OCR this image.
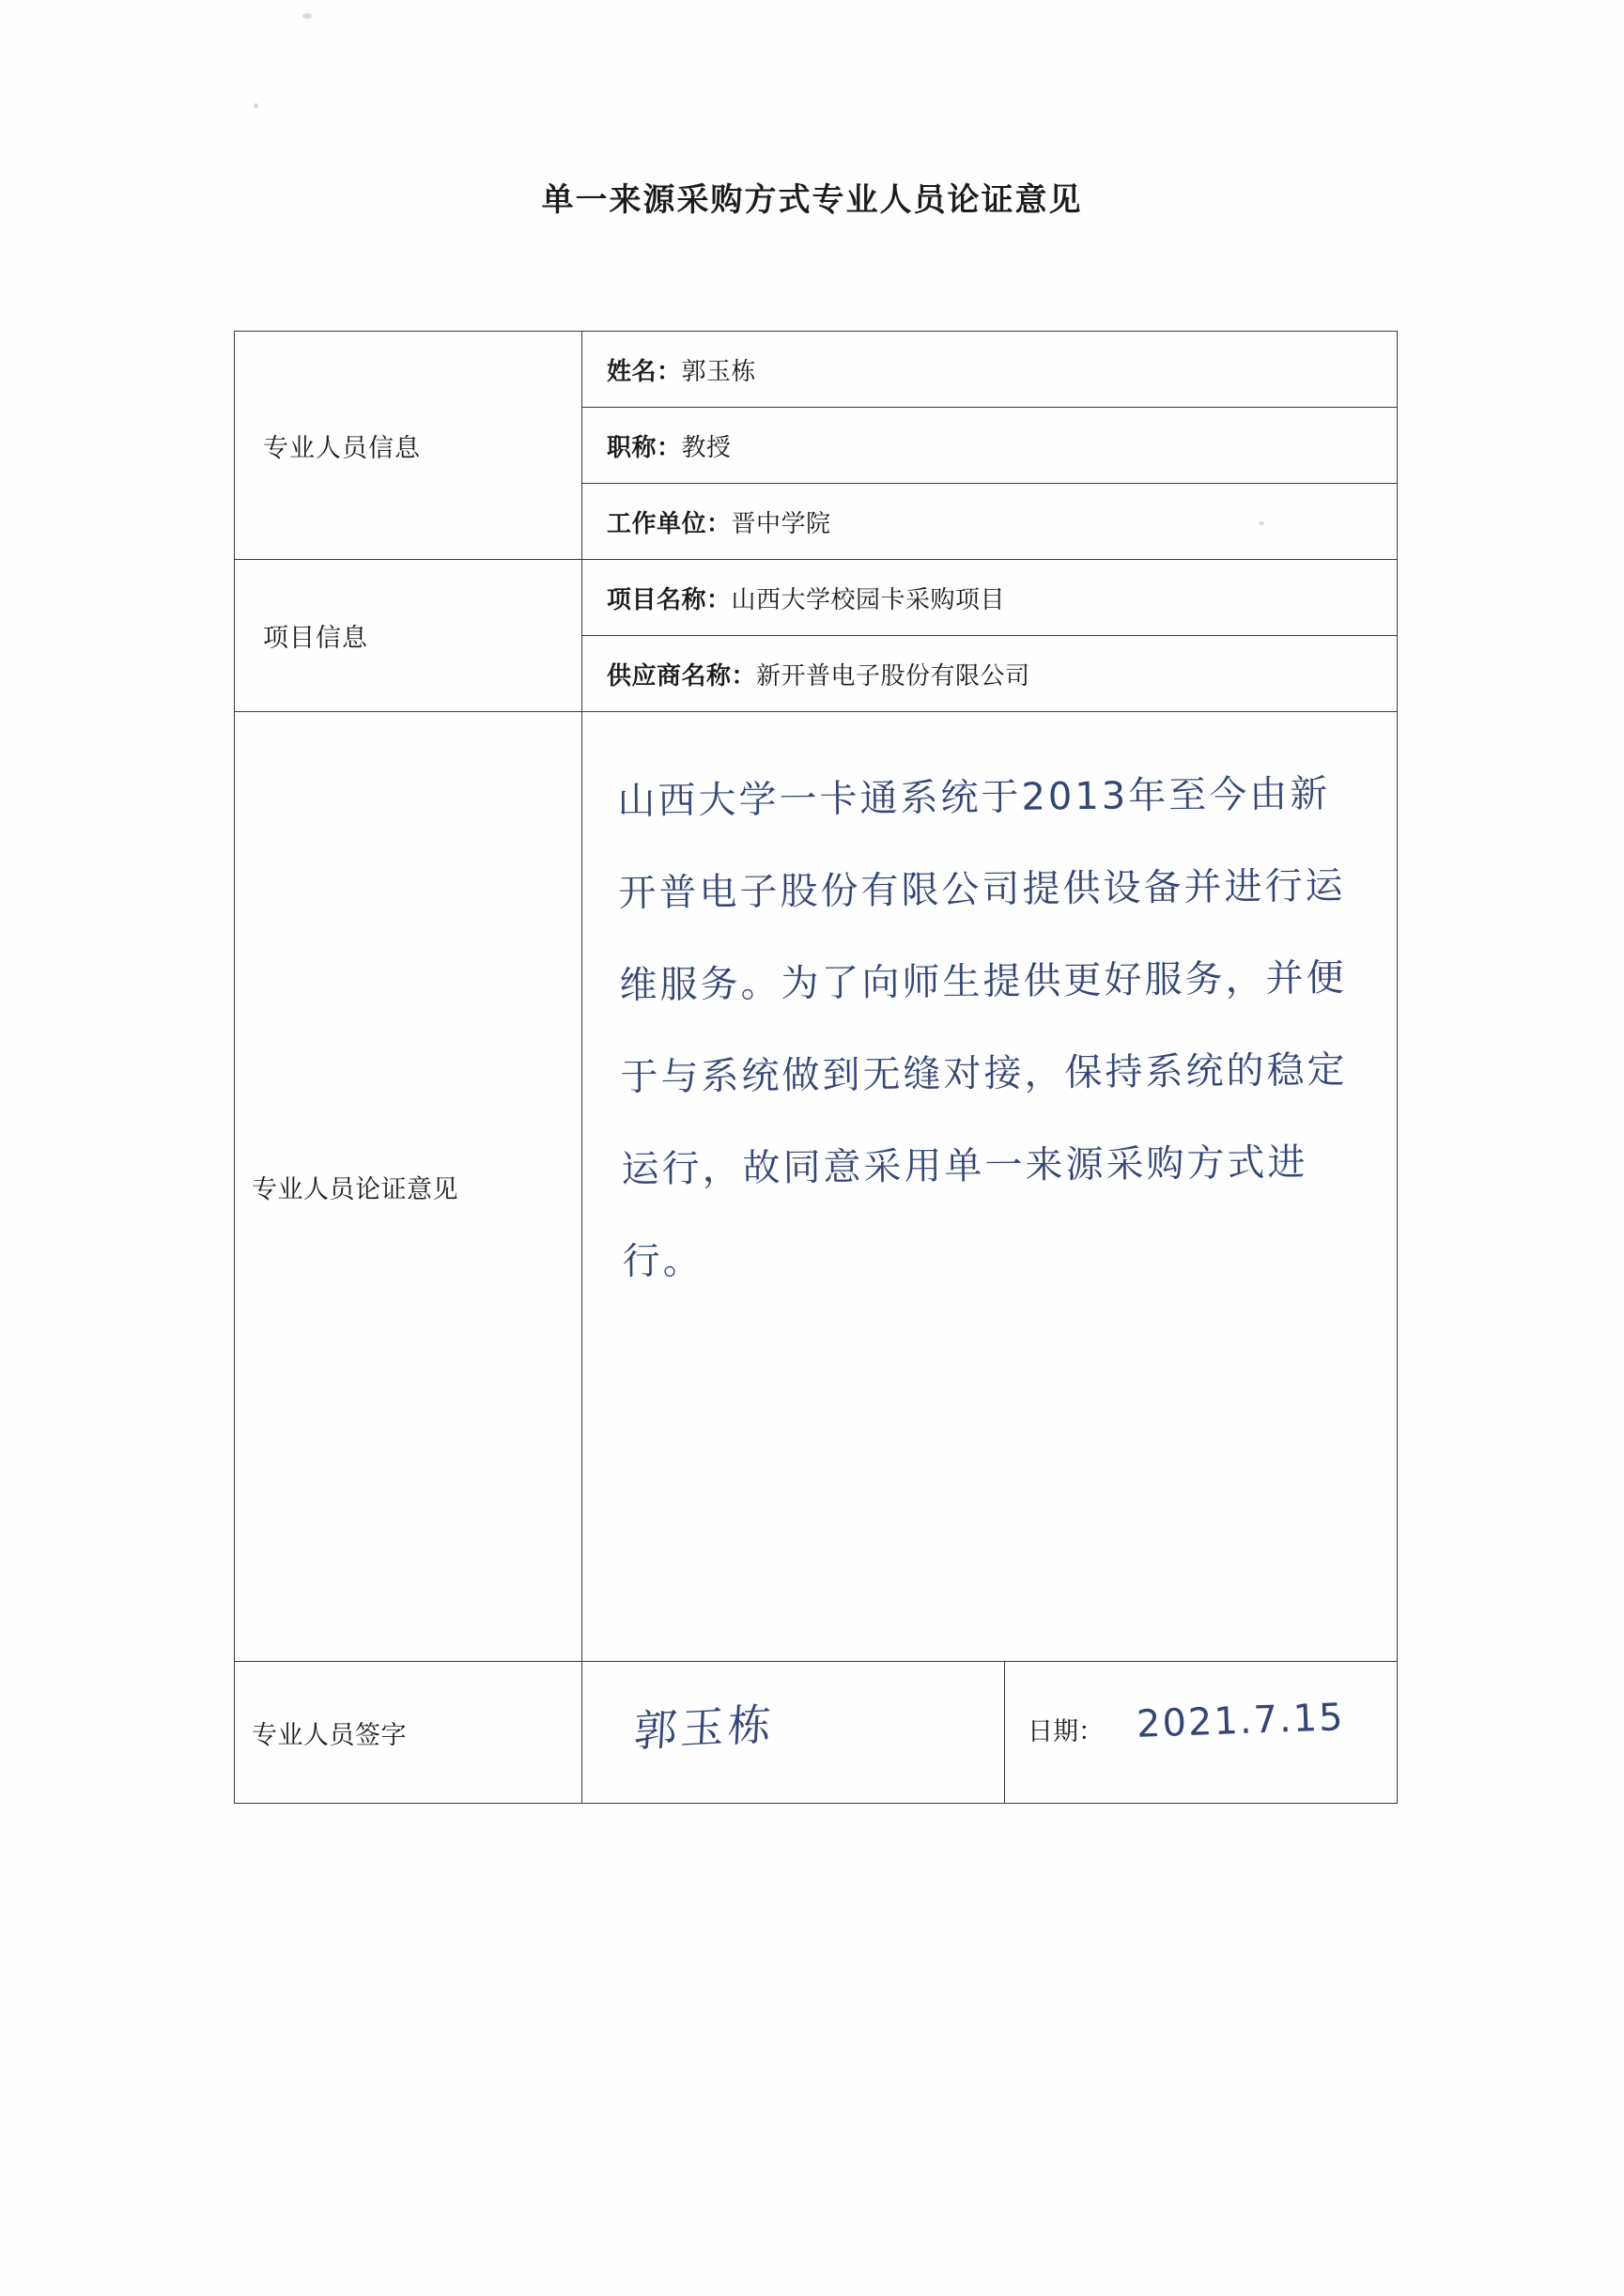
单一来源采购方式专业人员论证意见
专业人员信息	姓名：郭玉栋	
	职称：教授	
	工作单位：晋中学院	
项目信息	项目名称：山西大学校园卡采购项目	
	供应商名称：新开普电子股份有限公司	
专业人员论证意见	山西大学一卡通系统于2013年至今由新开普电子股份有限公司提供设备并进行运维服务。为了向师生提供更好服务，并便于与系统做到无缝对接，保持系统的稳定运行，故同意采用单一来源采购方式进行。	

专业人员签字	郭玉栋	日期： 2021.7.15
